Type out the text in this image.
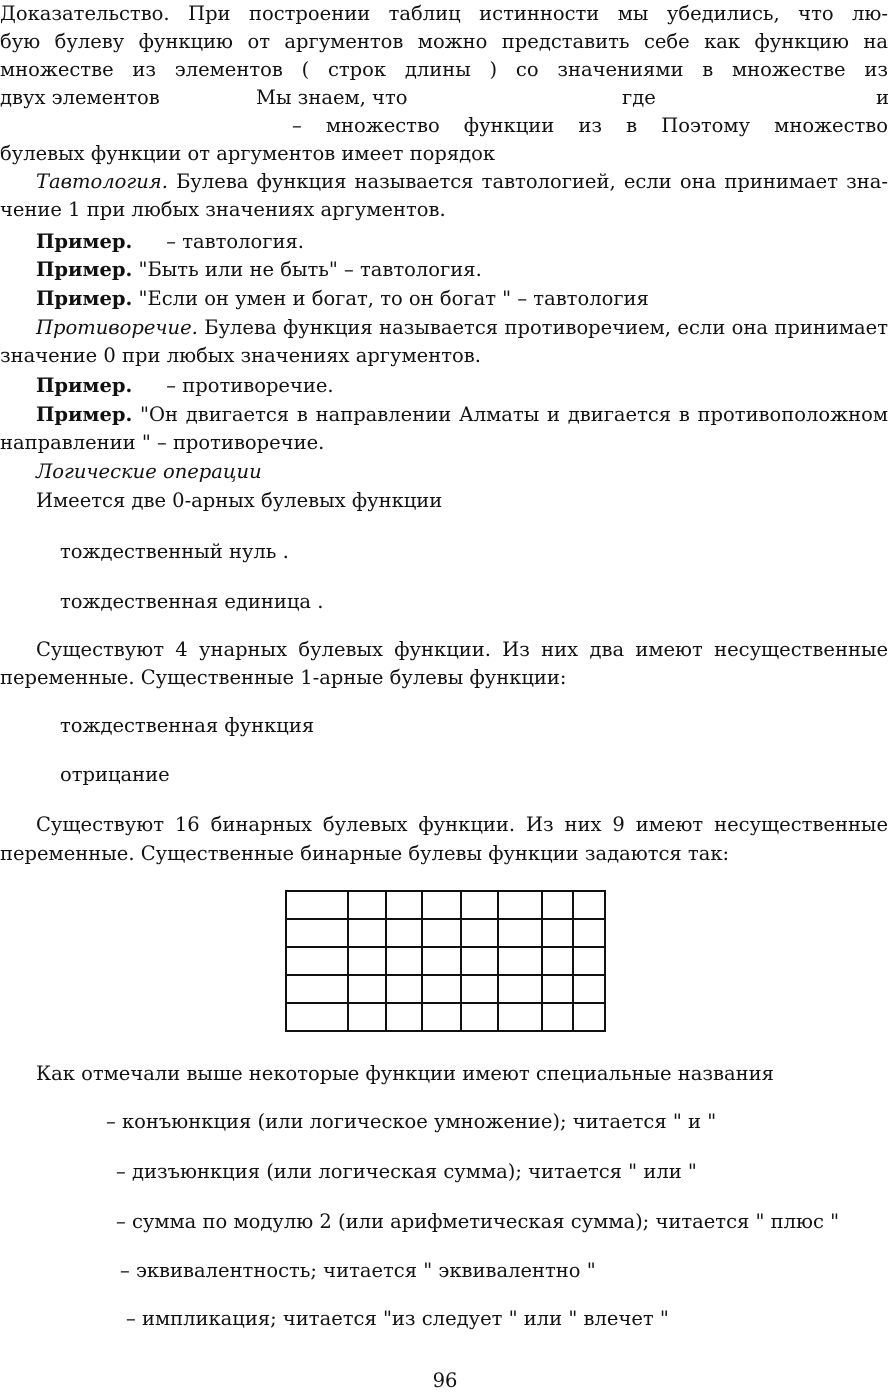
Доказательство. При построении таблиц истинности мы убедились, что лю-
бую булеву функцию от аргументов можно представить себе как функцию на
множестве из элементов ( строк длины ) со значениями в множестве из
двух элементов	Мы знаем, что	где	и
– множество функции из в Поэтому множество
булевых функции от аргументов имеет порядок
Тавтология. Булева функция называется тавтологией, если она принимает зна-
чение 1 при любых значениях аргументов.
Пример. – тавтология.
Пример. "Быть или не быть" – тавтология.
Пример. "Если он умен и богат, то он богат " – тавтология
Противоречие. Булева функция называется противоречием, если она принимает
значение 0 при любых значениях аргументов.
Пример. – противоречие.
Пример. "Он двигается в направлении Алматы и двигается в противоположном
направлении " – противоречие.
Логические операции
Имеется две 0-арных булевых функции
тождественный нуль .
тождественная единица .
Существуют 4 унарных булевых функции. Из них два имеют несущественные
переменные. Существенные 1-арные булевы функции:
тождественная функция
отрицание
Существуют 16 бинарных булевых функции. Из них 9 имеют несущественные
переменные. Существенные бинарные булевы функции задаются так:

Как отмечали выше некоторые функции имеют специальные названия
– конъюнкция (или логическое умножение); читается " и "
– дизъюнкция (или логическая сумма); читается " или "
– сумма по модулю 2 (или арифметическая сумма); читается " плюс "
– эквивалентность; читается " эквивалентно "
– импликация; читается "из следует " или " влечет "
96
